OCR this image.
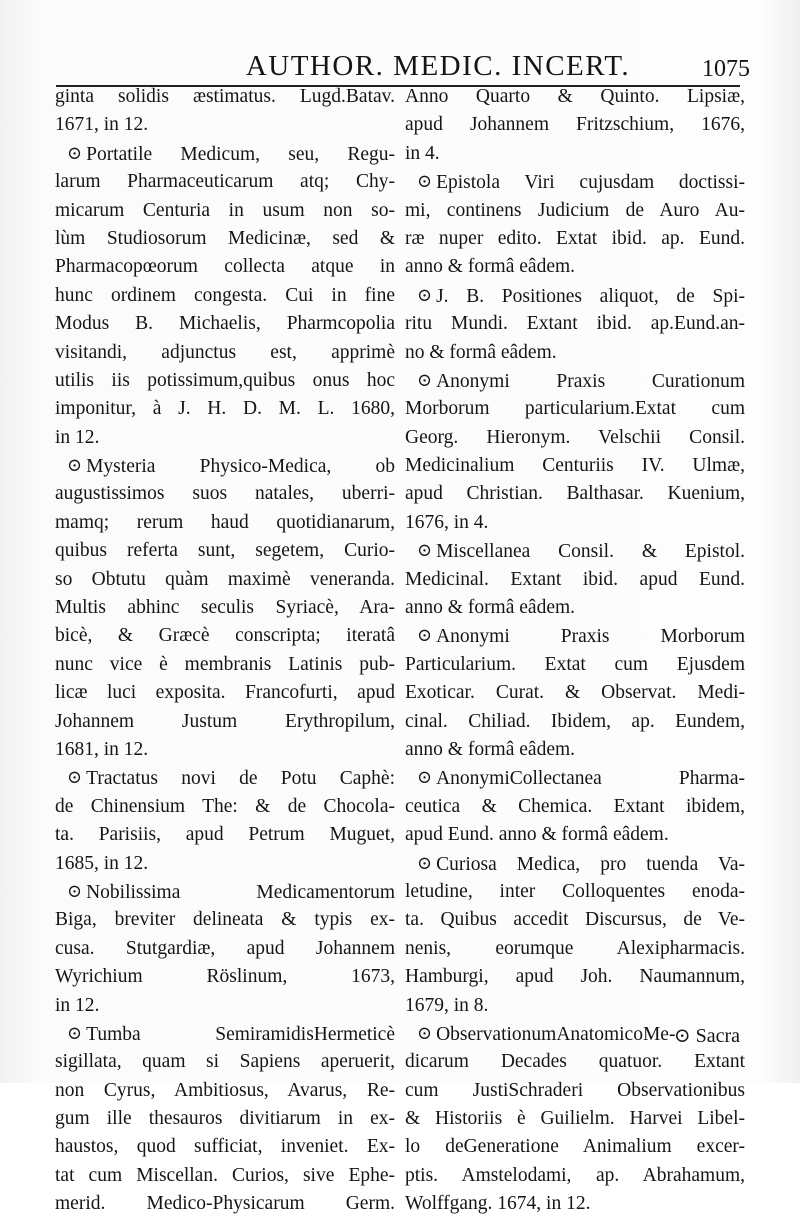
AUTHOR. MEDIC. INCERT.	1075
ginta solidis æstimatus. Lugd.Batav.
1671, in 12.
⊙ Portatile Medicum, seu, Regu-
larum Pharmaceuticarum atq; Chy-
micarum Centuria in usum non so-
lùm Studiosorum Medicinæ, sed &
Pharmacopœorum collecta atque in
hunc ordinem congesta. Cui in fine
Modus B. Michaelis, Pharmcopolia
visitandi, adjunctus est, apprimè
utilis iis potissimum,quibus onus hoc
imponitur, à J. H. D. M. L. 1680,
in 12.
⊙ Mysteria Physico-Medica, ob
augustissimos suos natales, uberri-
mamq; rerum haud quotidianarum,
quibus referta sunt, segetem, Curio-
so Obtutu quàm maximè veneranda.
Multis abhinc seculis Syriacè, Ara-
bicè, & Græcè conscripta; iteratâ
nunc vice è membranis Latinis pub-
licæ luci exposita. Francofurti, apud
Johannem Justum Erythropilum,
1681, in 12.
⊙ Tractatus novi de Potu Caphè:
de Chinensium The: & de Chocola-
ta. Parisiis, apud Petrum Muguet,
1685, in 12.
⊙ Nobilissima Medicamentorum
Biga, breviter delineata & typis ex-
cusa. Stutgardiæ, apud Johannem
Wyrichium Röslinum, 1673,
in 12.
⊙ Tumba SemiramidisHermeticè
sigillata, quam si Sapiens aperuerit,
non Cyrus, Ambitiosus, Avarus, Re-
gum ille thesauros divitiarum in ex-
haustos, quod sufficiat, inveniet. Ex-
tat cum Miscellan. Curios, sive Ephe-
merid. Medico-Physicarum Germ.
Anno Quarto & Quinto. Lipsiæ,
apud Johannem Fritzschium, 1676,
in 4.
⊙ Epistola Viri cujusdam doctissi-
mi, continens Judicium de Auro Au-
ræ nuper edito. Extat ibid. ap. Eund.
anno & formâ eâdem.
⊙ J. B. Positiones aliquot, de Spi-
ritu Mundi. Extant ibid. ap.Eund.an-
no & formâ eâdem.
⊙ Anonymi Praxis Curationum
Morborum particularium.Extat cum
Georg. Hieronym. Velschii Consil.
Medicinalium Centuriis IV. Ulmæ,
apud Christian. Balthasar. Kuenium,
1676, in 4.
⊙ Miscellanea Consil. & Epistol.
Medicinal. Extant ibid. apud Eund.
anno & formâ eâdem.
⊙ Anonymi Praxis Morborum
Particularium. Extat cum Ejusdem
Exoticar. Curat. & Observat. Medi-
cinal. Chiliad. Ibidem, ap. Eundem,
anno & formâ eâdem.
⊙ AnonymiCollectanea Pharma-
ceutica & Chemica. Extant ibidem,
apud Eund. anno & formâ eâdem.
⊙ Curiosa Medica, pro tuenda Va-
letudine, inter Colloquentes enoda-
ta. Quibus accedit Discursus, de Ve-
nenis, eorumque Alexipharmacis.
Hamburgi, apud Joh. Naumannum,
1679, in 8.
⊙ ObservationumAnatomicoMe-
dicarum Decades quatuor. Extant
cum JustiSchraderi Observationibus
& Historiis è Guilielm. Harvei Libel-
lo deGeneratione Animalium excer-
ptis. Amstelodami, ap. Abrahamum,
Wolffgang. 1674, in 12.
⊙ Sacra
